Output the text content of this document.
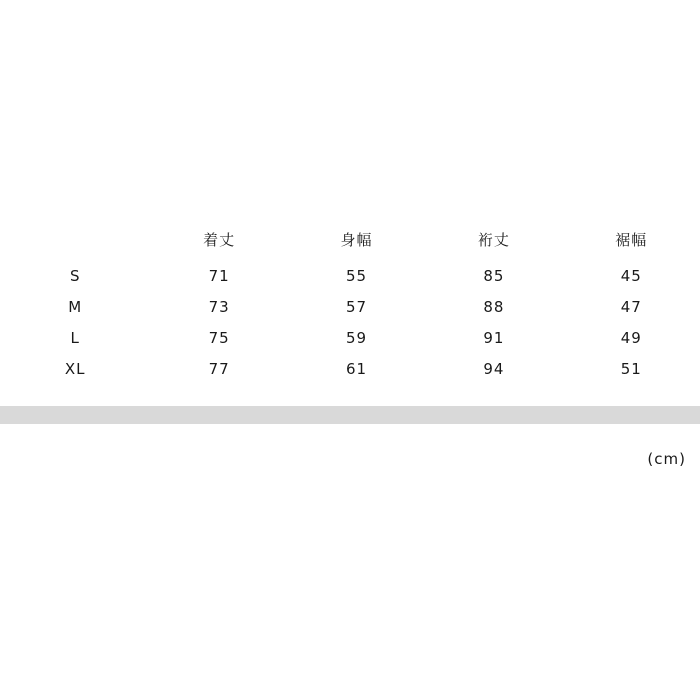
	着丈	身幅	裄丈	裾幅
S	71	55	85	45
M	73	57	88	47
L	75	59	91	49
XL	77	61	94	51
(cm)
